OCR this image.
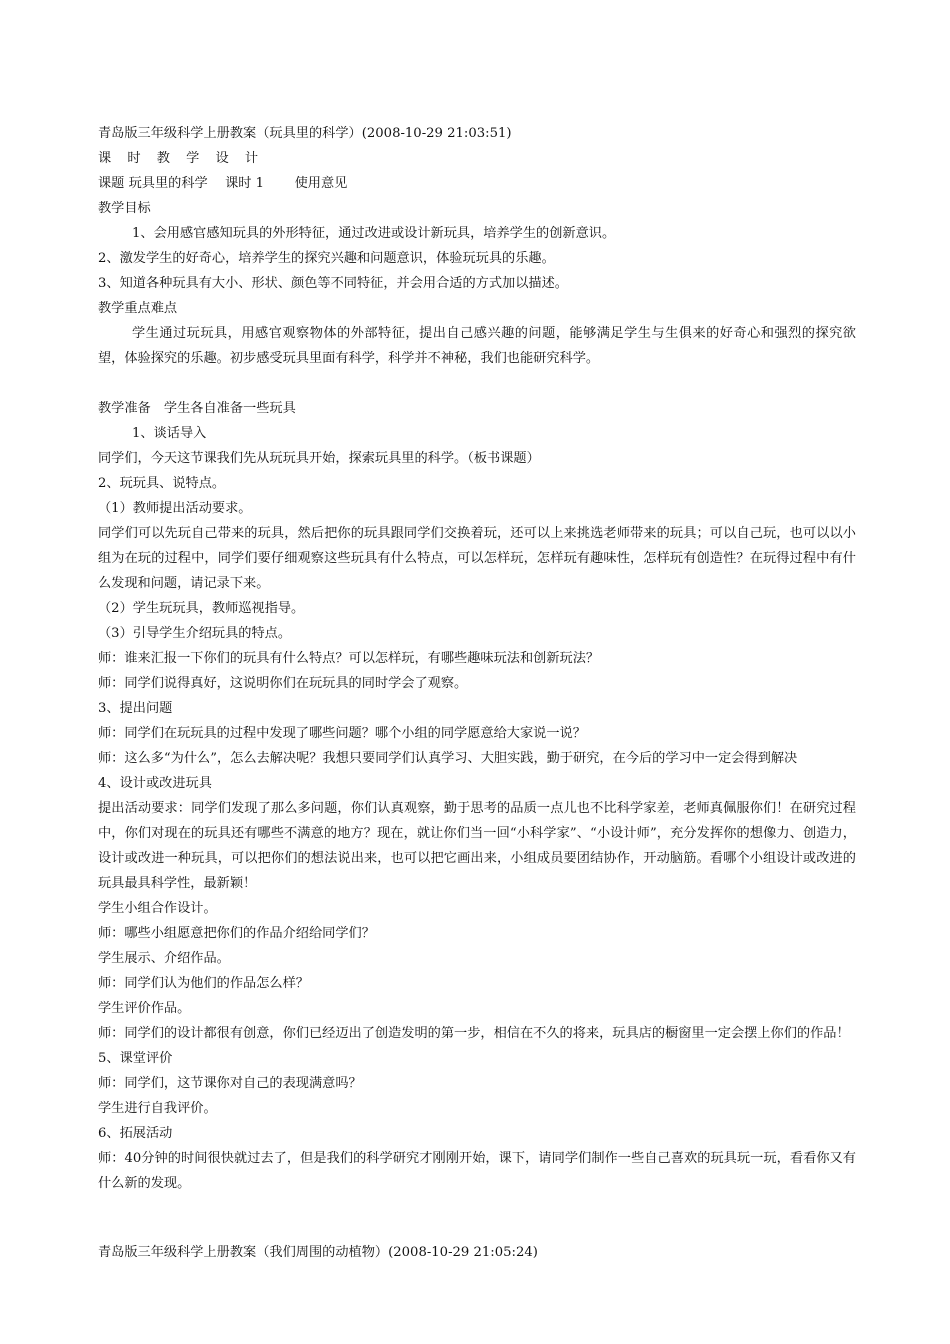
青岛版三年级科学上册教案（玩具里的科学）(2008-10-29 21:03:51)
课 时 教 学 设 计
课题 玩具里的科学　 课时 1　　 使用意见
教学目标
1、会用感官感知玩具的外形特征，通过改进或设计新玩具，培养学生的创新意识。
2、激发学生的好奇心，培养学生的探究兴趣和问题意识，体验玩玩具的乐趣。
3、知道各种玩具有大小、形状、颜色等不同特征，并会用合适的方式加以描述。
教学重点难点
学生通过玩玩具，用感官观察物体的外部特征，提出自己感兴趣的问题，能够满足学生与生俱来的好奇心和强烈的探究欲望，体验探究的乐趣。初步感受玩具里面有科学，科学并不神秘，我们也能研究科学。
教学准备　学生各自准备一些玩具
1、谈话导入
同学们，今天这节课我们先从玩玩具开始，探索玩具里的科学。（板书课题）
2、玩玩具、说特点。
（1）教师提出活动要求。
同学们可以先玩自己带来的玩具，然后把你的玩具跟同学们交换着玩，还可以上来挑选老师带来的玩具；可以自己玩，也可以以小组为在玩的过程中，同学们要仔细观察这些玩具有什么特点，可以怎样玩，怎样玩有趣味性，怎样玩有创造性？在玩得过程中有什么发现和问题，请记录下来。
（2）学生玩玩具，教师巡视指导。
（3）引导学生介绍玩具的特点。
师：谁来汇报一下你们的玩具有什么特点？可以怎样玩，有哪些趣味玩法和创新玩法？
师：同学们说得真好，这说明你们在玩玩具的同时学会了观察。
3、提出问题
师：同学们在玩玩具的过程中发现了哪些问题？哪个小组的同学愿意给大家说一说？
师：这么多“为什么”，怎么去解决呢？我想只要同学们认真学习、大胆实践，勤于研究，在今后的学习中一定会得到解决
4、设计或改进玩具
提出活动要求：同学们发现了那么多问题，你们认真观察，勤于思考的品质一点儿也不比科学家差，老师真佩服你们！在研究过程中，你们对现在的玩具还有哪些不满意的地方？现在，就让你们当一回“小科学家”、“小设计师”，充分发挥你的想像力、创造力，设计或改进一种玩具，可以把你们的想法说出来，也可以把它画出来，小组成员要团结协作，开动脑筋。看哪个小组设计或改进的玩具最具科学性，最新颖！
学生小组合作设计。
师：哪些小组愿意把你们的作品介绍给同学们？
学生展示、介绍作品。
师：同学们认为他们的作品怎么样？
学生评价作品。
师：同学们的设计都很有创意，你们已经迈出了创造发明的第一步，相信在不久的将来，玩具店的橱窗里一定会摆上你们的作品！
5、课堂评价
师：同学们，这节课你对自己的表现满意吗？
学生进行自我评价。
6、拓展活动
师：40分钟的时间很快就过去了，但是我们的科学研究才刚刚开始，课下，请同学们制作一些自己喜欢的玩具玩一玩，看看你又有什么新的发现。
青岛版三年级科学上册教案（我们周围的动植物）(2008-10-29 21:05:24)
